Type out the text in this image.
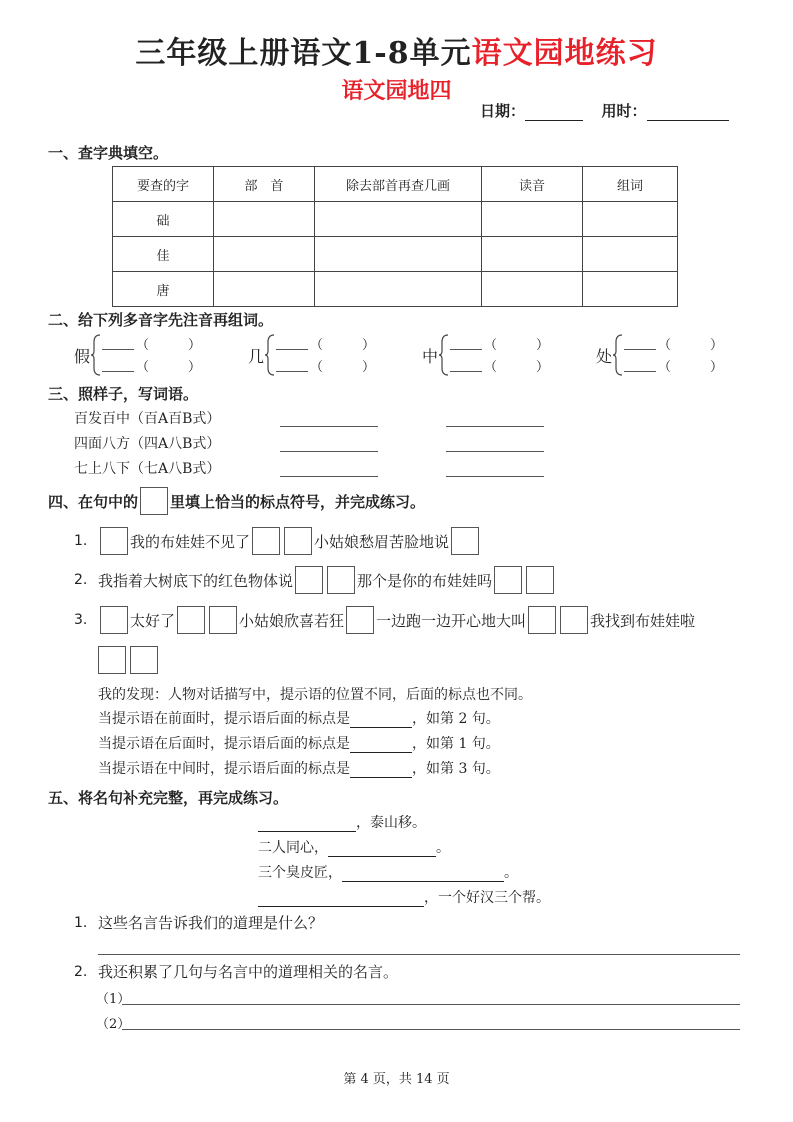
三年级上册语文1-8单元语文园地练习
语文园地四
日期：	用时：
一、查字典填空。
要查的字	部　首	除去部首再查几画	读音	组词
础				
佳				
唐				
二、给下列多音字先注音再组词。
假
（　　　）
（　　　）
几
（　　　）
（　　　）
中
（　　　）
（　　　）
处
（　　　）
（　　　）
三、照样子，写词语。
百发百中（百A百B式）
四面八方（四A八B式）
七上八下（七A八B式）
四、在句中的 里填上恰当的标点符号，并完成练习。
1.	我的布娃娃不见了	小姑娘愁眉苦脸地说
2. 我指着大树底下的红色物体说	那个是你的布娃娃吗
3.	太好了	小姑娘欣喜若狂 一边跑一边开心地大叫	我找到布娃娃啦
我的发现：人物对话描写中，提示语的位置不同，后面的标点也不同。
当提示语在前面时，提示语后面的标点是	，如第 2 句。
当提示语在后面时，提示语后面的标点是	，如第 1 句。
当提示语在中间时，提示语后面的标点是	，如第 3 句。
五、将名句补充完整，再完成练习。
，泰山移。
二人同心，	。
三个臭皮匠，	。
，一个好汉三个帮。
1. 这些名言告诉我们的道理是什么？
2. 我还积累了几句与名言中的道理相关的名言。
（1）
（2）
第 4 页，共 14 页
